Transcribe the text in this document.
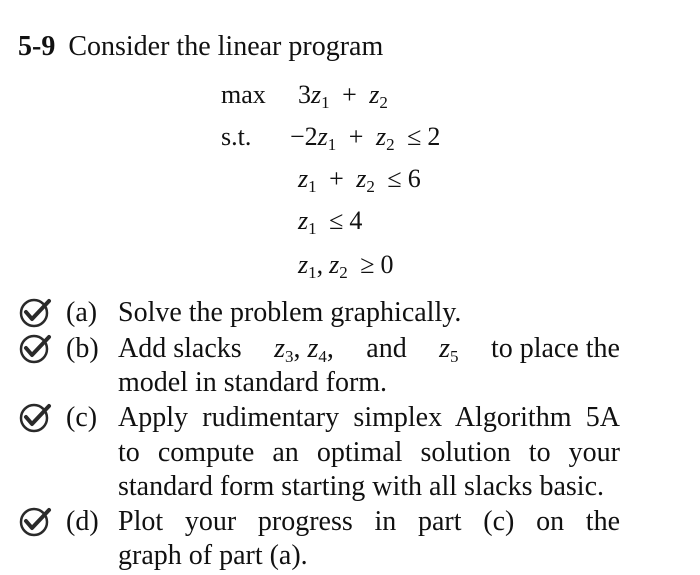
5-9 Consider the linear program
$\max 3z_1 + z_2$
s.t. $-2z_1 + z_2 \le 2$
$z_1 + z_2 \le 6$
$z_1 \le 4$
$z_1$, $z_2 \ge 0$
(a) Solve the problem graphically.
(b) Add slacks $z_3$, $z_4$, and $z_5$ to place the
model in standard form.
(c) Apply rudimentary simplex Algorithm 5A
to compute an optimal solution to your
standard form starting with all slacks basic.
(d) Plot your progress in part (c) on the
graph of part (a).
